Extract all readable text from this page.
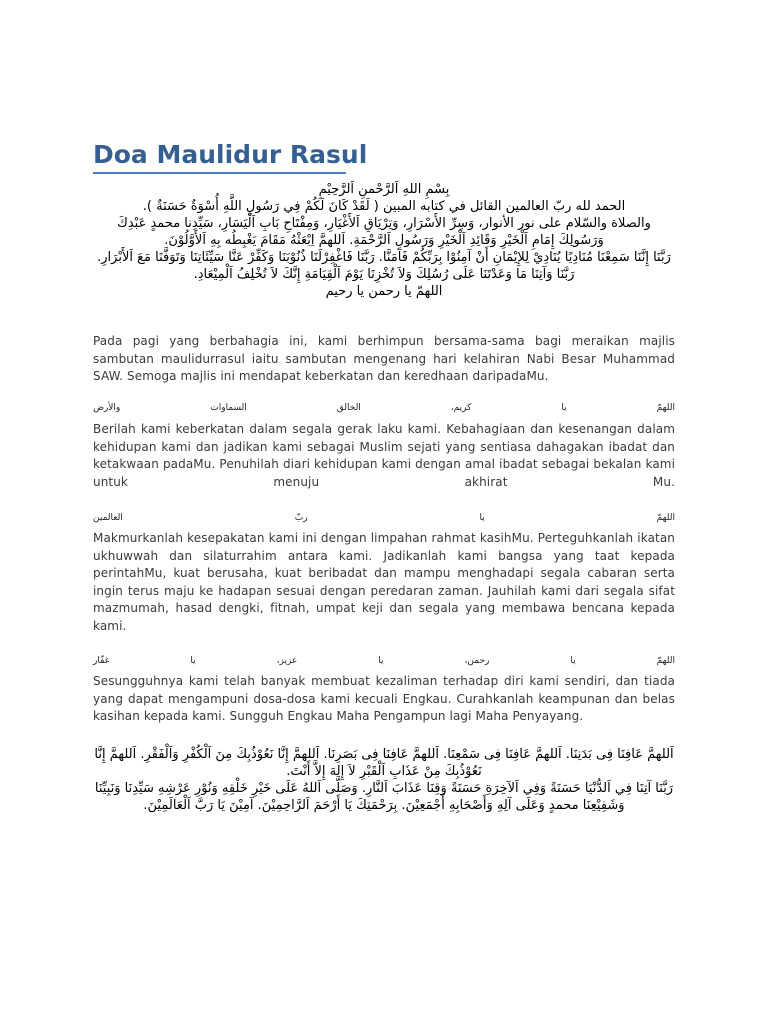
Doa Maulidur Rasul

بِسْمِ اللهِ اَلرَّحْمنِ اَلرَّحِيْمِ

الحمد لله ربّ العالمين القائل في كتابه المبين ( لَقَدْ كَانَ لَكُمْ فِي رَسُولِ اللَّهِ أُسْوَةٌ حَسَنَةٌ ).

والصلاة والسّلام على نور الأنوار، وَسِرِّ الأَسْرَارِ، وَتِرْيَاقِ اَلأَغْيَارِ، وَمِفْتَاحِ بَابِ اَلْيَسَارِ، سَيِّدِنا محمدٍ عَبْدِكَ وَرَسُولِكَ إِمَامِ اَلْخَيْرِ وَقَائِدِ اَلْخَيْرِ وَرَسُولِ اَلرَّحْمَةِ. اَللهمَّ اِبْعَثْهُ مَقَامَ يَغْبِطُه بِهِ اَلأَوَّلُوْنَ.

رَبَّنَا إِنَّنَا سَمِعْنَا مُنَادِيًا يُنَادِيْ لِلإِيْمَانِ أَنْ آمِنُوْا بِرَبِّكُمْ فَآمَنَّا. رَبَّنَا فَاغْفِرْلَنَا ذُنُوْبَنَا وَكَفِّرْ عَنَّا سَيِّئَاتِنَا وَتَوَفَّنَا مَعَ اَلأَبْرَارِ. رَبَّنَا وَآتِنَا مَا وَعَدْتَنَا عَلَى رُسُلِكَ وَلاَ تُخْزِنَا يَوْمَ اَلْقِيَامَةِ إِنَّكَ لاَ تُخْلِفُ اَلْمِيْعَادِ.

اللهمّ يا رحمن يا رحيم

Pada pagi yang berbahagia ini, kami berhimpun bersama-sama bagi meraikan majlis sambutan maulidurrasul iaitu sambutan mengenang hari kelahiran Nabi Besar Muhammad SAW. Semoga majlis ini mendapat keberkatan dan keredhaan daripadaMu.

اللهمّ
يا
كريم،
الخالق
السماوات
والأرض

Berilah kami keberkatan dalam segala gerak laku kami. Kebahagiaan dan kesenangan dalam kehidupan kami dan jadikan kami sebagai Muslim sejati yang sentiasa dahagakan ibadat dan ketakwaan padaMu. Penuhilah diari kehidupan kami dengan amal ibadat sebagai bekalan kami untuk menuju akhirat Mu.

اللهمّ
يا
ربّ
العالمين

Makmurkanlah kesepakatan kami ini dengan limpahan rahmat kasihMu. Perteguhkanlah ikatan ukhuwwah dan silaturrahim antara kami. Jadikanlah kami bangsa yang taat kepada perintahMu, kuat berusaha, kuat beribadat dan mampu menghadapi segala cabaran serta ingin terus maju ke hadapan sesuai dengan peredaran zaman. Jauhilah kami dari segala sifat mazmumah, hasad dengki, fitnah, umpat keji dan segala yang membawa bencana kepada kami.

اللهمّ
يا
رحمن،
يا
عزيز،
يا
غفّار

Sesungguhnya kami telah banyak membuat kezaliman terhadap diri kami sendiri, dan tiada yang dapat mengampuni dosa-dosa kami kecuali Engkau. Curahkanlah keampunan dan belas kasihan kepada kami. Sungguh Engkau Maha Pengampun lagi Maha Penyayang.

اَللهمَّ عَافِنَا فِى بَدَنِنَا. اَللهمَّ عَافِنَا فِى سَمْعِنَا. اَللهمَّ عَافِنَا فِى بَصَرِنَا. اَللهمَّ إِنَّا نَعُوْذُبِكَ مِنَ اَلْكُفْرِ وَاَلْفَقْرِ. اَللهمَّ إِنَّا نَعُوْذُبِكَ مِنْ عَذَابِ اَلْقَبْرِ لاَ إِلهَ إِلاَّ أَنْتَ.

رَبَّنَا آتِنَا فِي اَلدُّنْيَا حَسَنَةً وَفِي اَلآخِرَةِ حَسَنَةً وَقِنَا عَذَابَ اَلنَّارِ. وَصَلَّى اَللهُ عَلَى خَيْرِ خَلْقِهِ وَنُوْرِ عَرْشِهِ سَيِّدِنَا وَنَبِيِّنَا وَشَفِيْعِنَا محمدٍ وَعَلَى آلِهِ وَأَصْحَابِهِ أَجْمَعِيْنَ. بِرَحْمَتِكَ يَا أَرْحَمَ اَلرَّاحِمِيْنَ. آمِيْنَ يَا رَبَّ اَلْعَالَمِيْنَ.
